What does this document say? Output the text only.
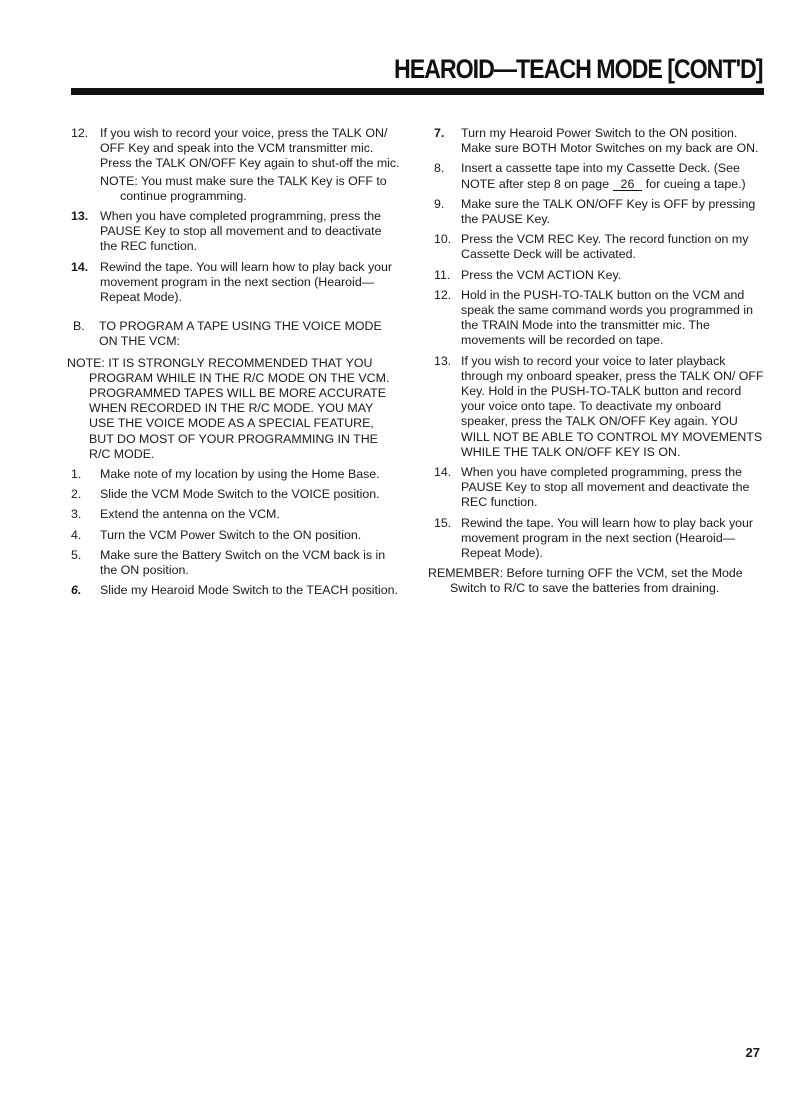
HEAROID—TEACH MODE [CONT'D]
12. If you wish to record your voice, press the TALK ON/ OFF Key and speak into the VCM transmitter mic. Press the TALK ON/OFF Key again to shut-off the mic.
NOTE: You must make sure the TALK Key is OFF to continue programming.
13. When you have completed programming, press the PAUSE Key to stop all movement and to deactivate the REC function.
14. Rewind the tape. You will learn how to play back your movement program in the next section (Hearoid— Repeat Mode).
B. TO PROGRAM A TAPE USING THE VOICE MODE ON THE VCM:
NOTE: IT IS STRONGLY RECOMMENDED THAT YOU PROGRAM WHILE IN THE R/C MODE ON THE VCM. PROGRAMMED TAPES WILL BE MORE ACCURATE WHEN RECORDED IN THE R/C MODE. YOU MAY USE THE VOICE MODE AS A SPECIAL FEATURE, BUT DO MOST OF YOUR PROGRAMMING IN THE R/C MODE.
1.	Make note of my location by using the Home Base.
2.	Slide the VCM Mode Switch to the VOICE position.
3.	Extend the antenna on the VCM.
4.	Turn the VCM Power Switch to the ON position.
5.	Make sure the Battery Switch on the VCM back is in the ON position.
6.	Slide my Hearoid Mode Switch to the TEACH position.
7.	Turn my Hearoid Power Switch to the ON position. Make sure BOTH Motor Switches on my back are ON.
8.	Insert a cassette tape into my Cassette Deck. (See NOTE after step 8 on page 26 for cueing a tape.)
9.	Make sure the TALK ON/OFF Key is OFF by pressing the PAUSE Key.
10. Press the VCM REC Key. The record function on my Cassette Deck will be activated.
11. Press the VCM ACTION Key.
12. Hold in the PUSH-TO-TALK button on the VCM and speak the same command words you programmed in the TRAIN Mode into the transmitter mic. The movements will be recorded on tape.
13. If you wish to record your voice to later playback through my onboard speaker, press the TALK ON/ OFF Key. Hold in the PUSH-TO-TALK button and record your voice onto tape. To deactivate my onboard speaker, press the TALK ON/OFF Key again. YOU WILL NOT BE ABLE TO CONTROL MY MOVEMENTS WHILE THE TALK ON/OFF KEY IS ON.
14. When you have completed programming, press the PAUSE Key to stop all movement and deactivate the REC function.
15. Rewind the tape. You will learn how to play back your movement program in the next section (Hearoid— Repeat Mode).
REMEMBER: Before turning OFF the VCM, set the Mode Switch to R/C to save the batteries from draining.
27
